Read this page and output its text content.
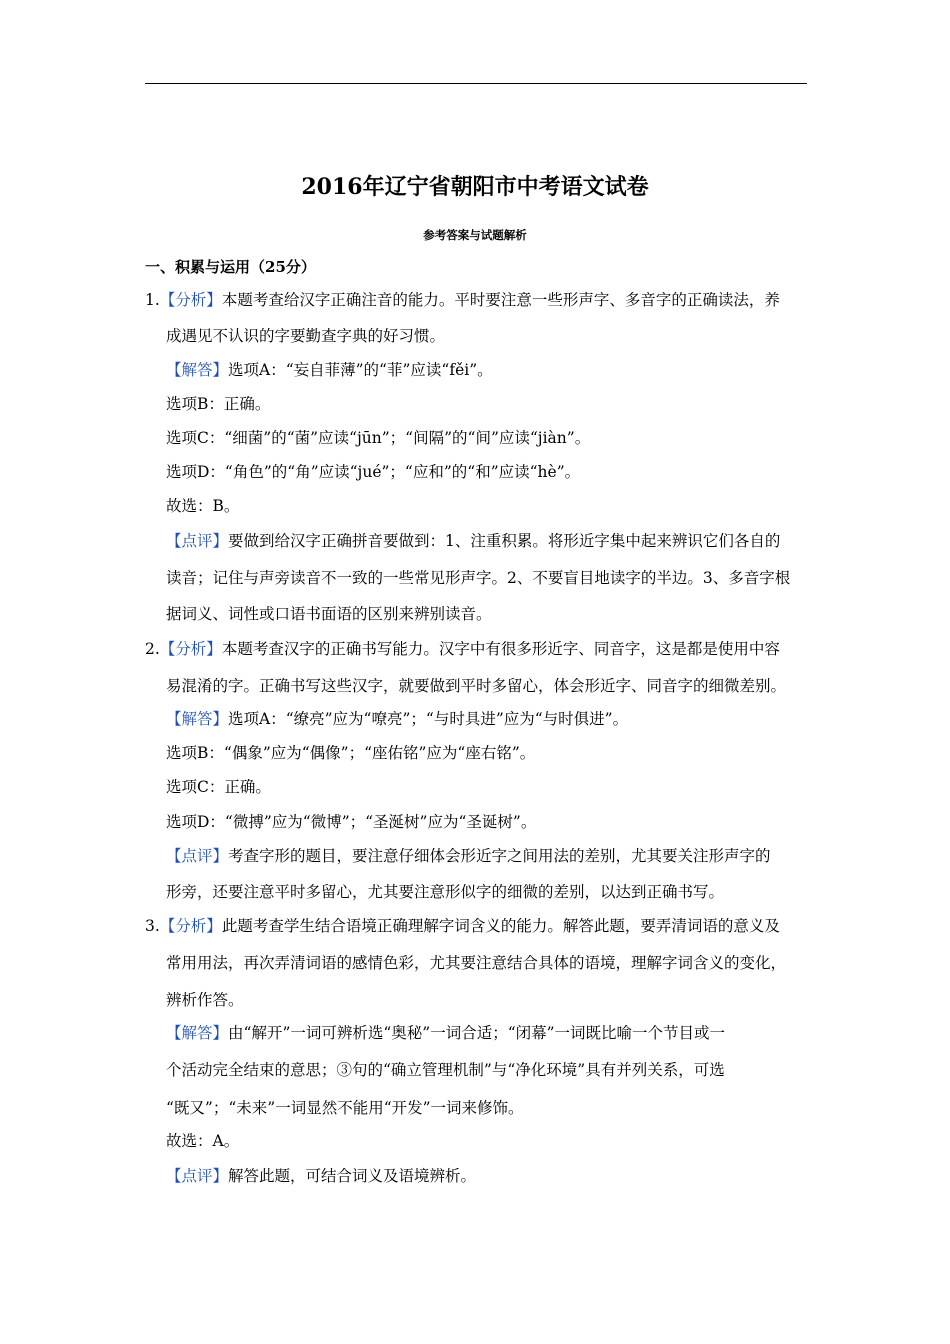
2016年辽宁省朝阳市中考语文试卷
参考答案与试题解析
一、积累与运用（25分）
1.【分析】本题考查给汉字正确注音的能力。平时要注意一些形声字、多音字的正确读法，养
成遇见不认识的字要勤查字典的好习惯。
【解答】选项A：“妄自菲薄”的“菲”应读“fěi”。
选项B：正确。
选项C：“细菌”的“菌”应读“jūn”；“间隔”的“间”应读“jiàn”。
选项D：“角色”的“角”应读“jué”；“应和”的“和”应读“hè”。
故选：B。
【点评】要做到给汉字正确拼音要做到：1、注重积累。将形近字集中起来辨识它们各自的
读音；记住与声旁读音不一致的一些常见形声字。2、不要盲目地读字的半边。3、多音字根
据词义、词性或口语书面语的区别来辨别读音。
2.【分析】本题考查汉字的正确书写能力。汉字中有很多形近字、同音字，这是都是使用中容
易混淆的字。正确书写这些汉字，就要做到平时多留心，体会形近字、同音字的细微差别。
【解答】选项A：“缭亮”应为“嘹亮”；“与时具进”应为“与时俱进”。
选项B：“偶象”应为“偶像”；“座佑铭”应为“座右铭”。
选项C：正确。
选项D：“微搏”应为“微博”；“圣涎树”应为“圣诞树”。
【点评】考查字形的题目，要注意仔细体会形近字之间用法的差别，尤其要关注形声字的
形旁，还要注意平时多留心，尤其要注意形似字的细微的差别，以达到正确书写。
3.【分析】此题考查学生结合语境正确理解字词含义的能力。解答此题，要弄清词语的意义及
常用用法，再次弄清词语的感情色彩，尤其要注意结合具体的语境，理解字词含义的变化，
辨析作答。
【解答】由“解开”一词可辨析选“奥秘”一词合适；“闭幕”一词既比喻一个节目或一
个活动完全结束的意思；③句的“确立管理机制”与“净化环境”具有并列关系，可选
“既又”；“未来”一词显然不能用“开发”一词来修饰。
故选：A。
【点评】解答此题，可结合词义及语境辨析。
